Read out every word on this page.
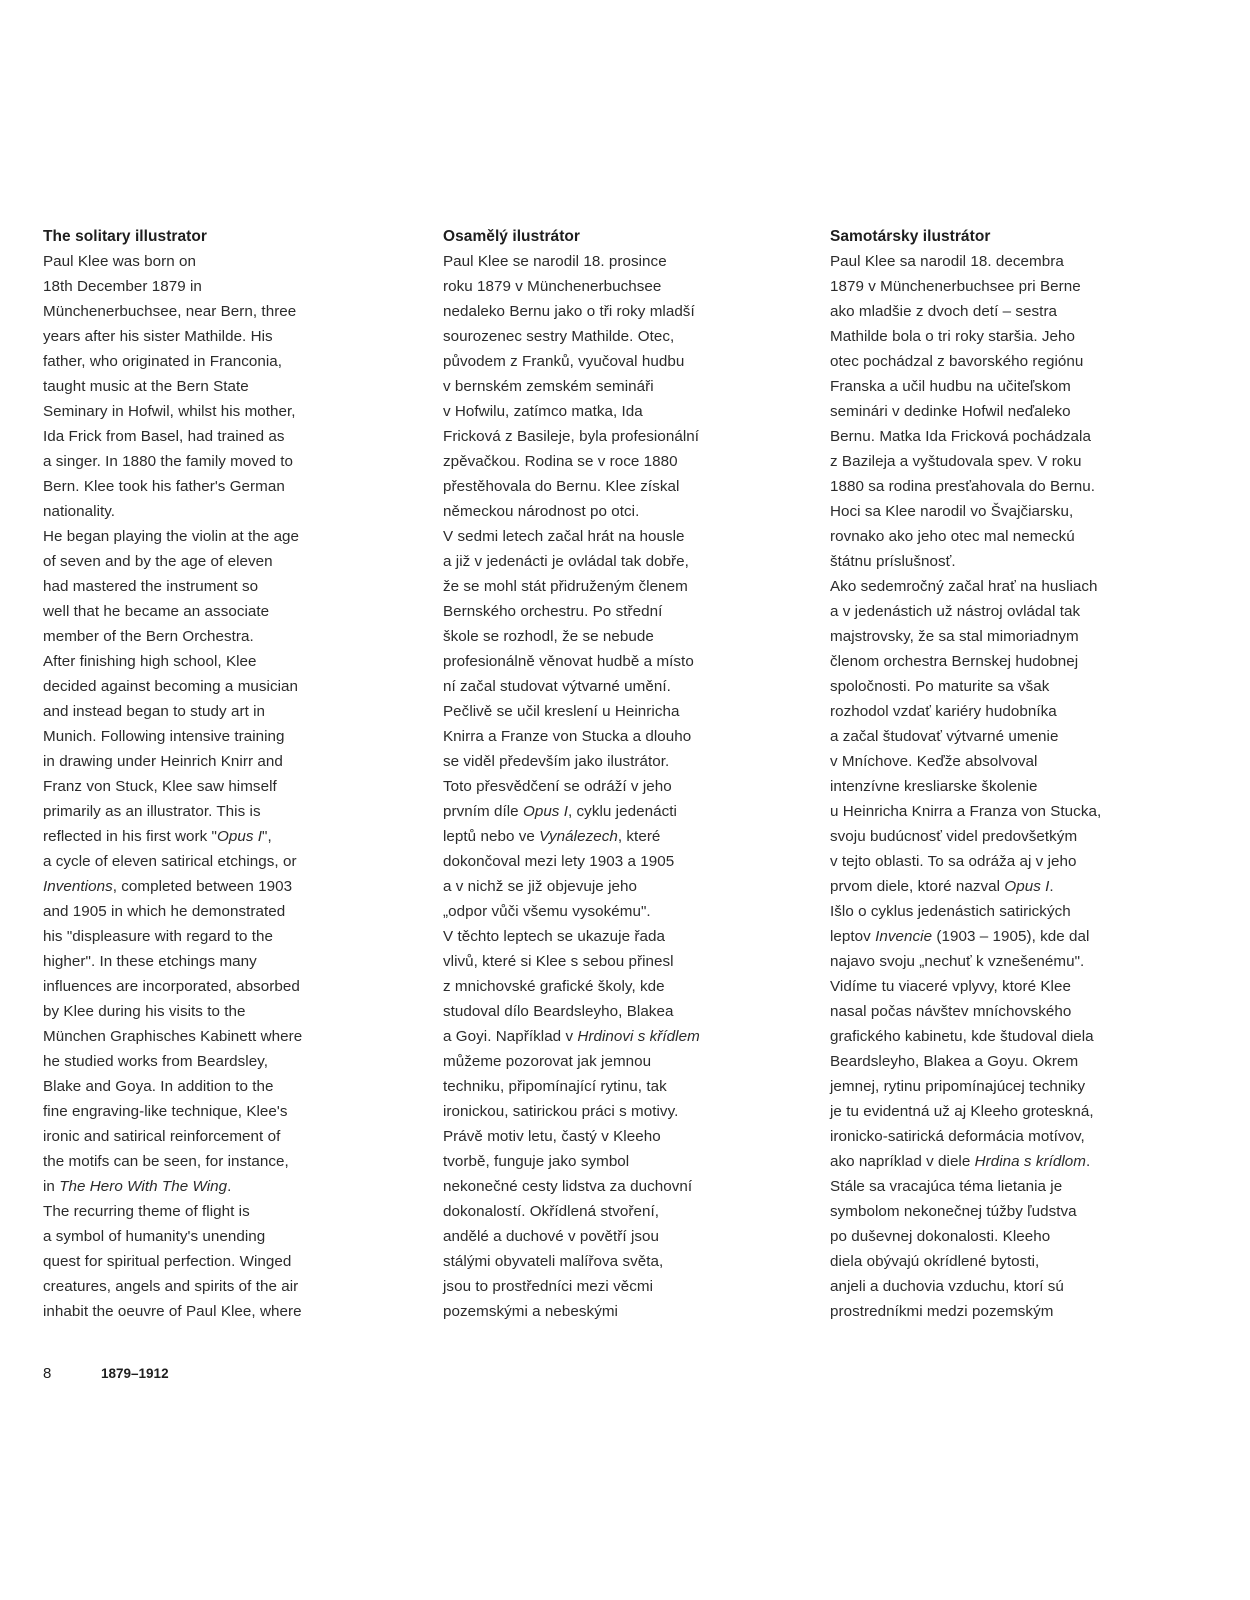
The solitary illustrator
Paul Klee was born on
18th December 1879 in
Münchenerbuchsee, near Bern, three
years after his sister Mathilde. His
father, who originated in Franconia,
taught music at the Bern State
Seminary in Hofwil, whilst his mother,
Ida Frick from Basel, had trained as
a singer. In 1880 the family moved to
Bern. Klee took his father's German
nationality.
He began playing the violin at the age
of seven and by the age of eleven
had mastered the instrument so
well that he became an associate
member of the Bern Orchestra.
After finishing high school, Klee
decided against becoming a musician
and instead began to study art in
Munich. Following intensive training
in drawing under Heinrich Knirr and
Franz von Stuck, Klee saw himself
primarily as an illustrator. This is
reflected in his first work "Opus I",
a cycle of eleven satirical etchings, or
Inventions, completed between 1903
and 1905 in which he demonstrated
his "displeasure with regard to the
higher". In these etchings many
influences are incorporated, absorbed
by Klee during his visits to the
München Graphisches Kabinett where
he studied works from Beardsley,
Blake and Goya. In addition to the
fine engraving-like technique, Klee's
ironic and satirical reinforcement of
the motifs can be seen, for instance,
in The Hero With The Wing.
The recurring theme of flight is
a symbol of humanity's unending
quest for spiritual perfection. Winged
creatures, angels and spirits of the air
inhabit the oeuvre of Paul Klee, where
Osamělý ilustrátor
Paul Klee se narodil 18. prosince
roku 1879 v Münchenerbuchsee
nedaleko Bernu jako o tři roky mladší
sourozenec sestry Mathilde. Otec,
původem z Franků, vyučoval hudbu
v bernském zemském semináři
v Hofwilu, zatímco matka, Ida
Fricková z Basileje, byla profesionální
zpěvačkou. Rodina se v roce 1880
přestěhovala do Bernu. Klee získal
německou národnost po otci.
V sedmi letech začal hrát na housle
a již v jedenácti je ovládal tak dobře,
že se mohl stát přidruženým členem
Bernského orchestru. Po střední
škole se rozhodl, že se nebude
profesionálně věnovat hudbě a místo
ní začal studovat výtvarné umění.
Pečlivě se učil kreslení u Heinricha
Knirra a Franze von Stucka a dlouho
se viděl především jako ilustrátor.
Toto přesvědčení se odráží v jeho
prvním díle Opus I, cyklu jedenácti
leptů nebo ve Vynálezech, které
dokončoval mezi lety 1903 a 1905
a v nichž se již objevuje jeho
„odpor vůči všemu vysokému".
V těchto leptech se ukazuje řada
vlivů, které si Klee s sebou přinesl
z mnichovské grafické školy, kde
studoval dílo Beardsleyho, Blakea
a Goyi. Například v Hrdinovi s křídlem
můžeme pozorovat jak jemnou
techniku, připomínající rytinu, tak
ironickou, satirickou práci s motivy.
Právě motiv letu, častý v Kleeho
tvorbě, funguje jako symbol
nekonečné cesty lidstva za duchovní
dokonalostí. Okřídlená stvoření,
andělé a duchové v povětří jsou
stálými obyvateli malířova světa,
jsou to prostředníci mezi věcmi
pozemskými a nebeskými
Samotársky ilustrátor
Paul Klee sa narodil 18. decembra
1879 v Münchenerbuchsee pri Berne
ako mladšie z dvoch detí – sestra
Mathilde bola o tri roky staršia. Jeho
otec pochádzal z bavorského regiónu
Franska a učil hudbu na učiteľskom
seminári v dedinke Hofwil neďaleko
Bernu. Matka Ida Fricková pochádzala
z Bazileja a vyštudovala spev. V roku
1880 sa rodina presťahovala do Bernu.
Hoci sa Klee narodil vo Švajčiarsku,
rovnako ako jeho otec mal nemeckú
štátnu príslušnosť.
Ako sedemročný začal hrať na husliach
a v jedenástich už nástroj ovládal tak
majstrovsky, že sa stal mimoriadnym
členom orchestra Bernskej hudobnej
spoločnosti. Po maturite sa však
rozhodol vzdať kariéry hudobníka
a začal študovať výtvarné umenie
v Mníchove. Keďže absolvoval
intenzívne kresliarske školenie
u Heinricha Knirra a Franza von Stucka,
svoju budúcnosť videl predovšetkým
v tejto oblasti. To sa odráža aj v jeho
prvom diele, ktoré nazval Opus I.
Išlo o cyklus jedenástich satirických
leptov Invencie (1903 – 1905), kde dal
najavo svoju „nechuť k vznešenému".
Vidíme tu viaceré vplyvy, ktoré Klee
nasal počas návštev mníchovského
grafického kabinetu, kde študoval diela
Beardsleyho, Blakea a Goyu. Okrem
jemnej, rytinu pripomínajúcej techniky
je tu evidentná už aj Kleeho groteskná,
ironicko-satirická deformácia motívov,
ako napríklad v diele Hrdina s krídlom.
Stále sa vracajúca téma lietania je
symbolom nekonečnej túžby ľudstva
po duševnej dokonalosti. Kleeho
diela obývajú okrídlené bytosti,
anjeli a duchovia vzduchu, ktorí sú
prostredníkmi medzi pozemským
8	1879–1912
